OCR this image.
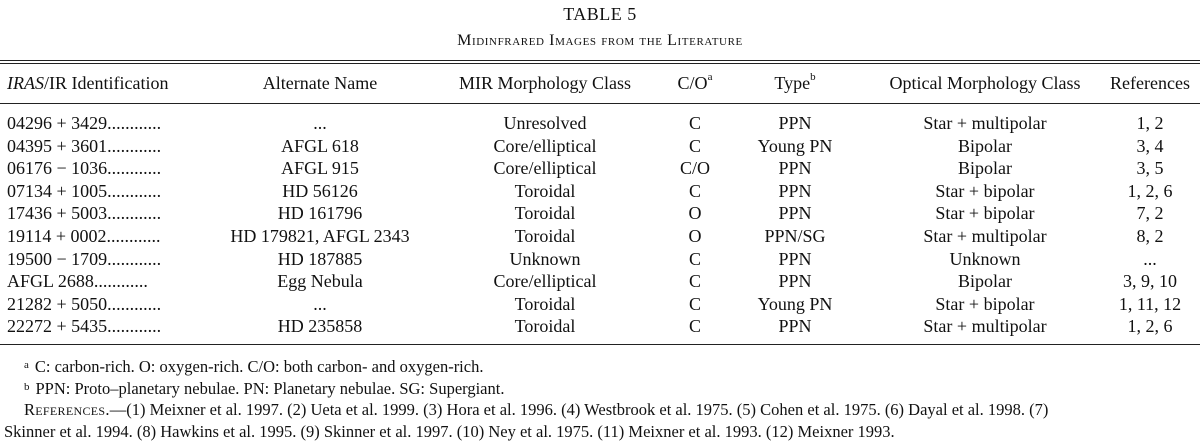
TABLE 5
Midinfrared Images from the Literature
IRAS/IR Identification	Alternate Name	MIR Morphology Class	$C/O^a$	Type$^b$	Optical Morphology Class	References
04296 + 3429............	...	Unresolved	C	PPN	Star + multipolar	1, 2
04395 + 3601............	AFGL 618	Core/elliptical	C	Young PN	Bipolar	3, 4
06176 − 1036............	AFGL 915	Core/elliptical	C/O	PPN	Bipolar	3, 5
07134 + 1005............	HD 56126	Toroidal	C	PPN	Star + bipolar	1, 2, 6
17436 + 5003............	HD 161796	Toroidal	O	PPN	Star + bipolar	7, 2
19114 + 0002............	HD 179821, AFGL 2343	Toroidal	O	PPN/SG	Star + multipolar	8, 2
19500 − 1709............	HD 187885	Unknown	C	PPN	Unknown	...
AFGL 2688............	Egg Nebula	Core/elliptical	C	PPN	Bipolar	3, 9, 10
21282 + 5050............	...	Toroidal	C	Young PN	Star + bipolar	1, 11, 12
22272 + 5435............	HD 235858	Toroidal	C	PPN	Star + multipolar	1, 2, 6
$^a$ C: carbon-rich. O: oxygen-rich. C/O: both carbon- and oxygen-rich.
$^b$ PPN: Proto–planetary nebulae. PN: Planetary nebulae. SG: Supergiant.
References.—(1) Meixner et al. 1997. (2) Ueta et al. 1999. (3) Hora et al. 1996. (4) Westbrook et al. 1975. (5) Cohen et al. 1975. (6) Dayal et al. 1998. (7)
Skinner et al. 1994. (8) Hawkins et al. 1995. (9) Skinner et al. 1997. (10) Ney et al. 1975. (11) Meixner et al. 1993. (12) Meixner 1993.
